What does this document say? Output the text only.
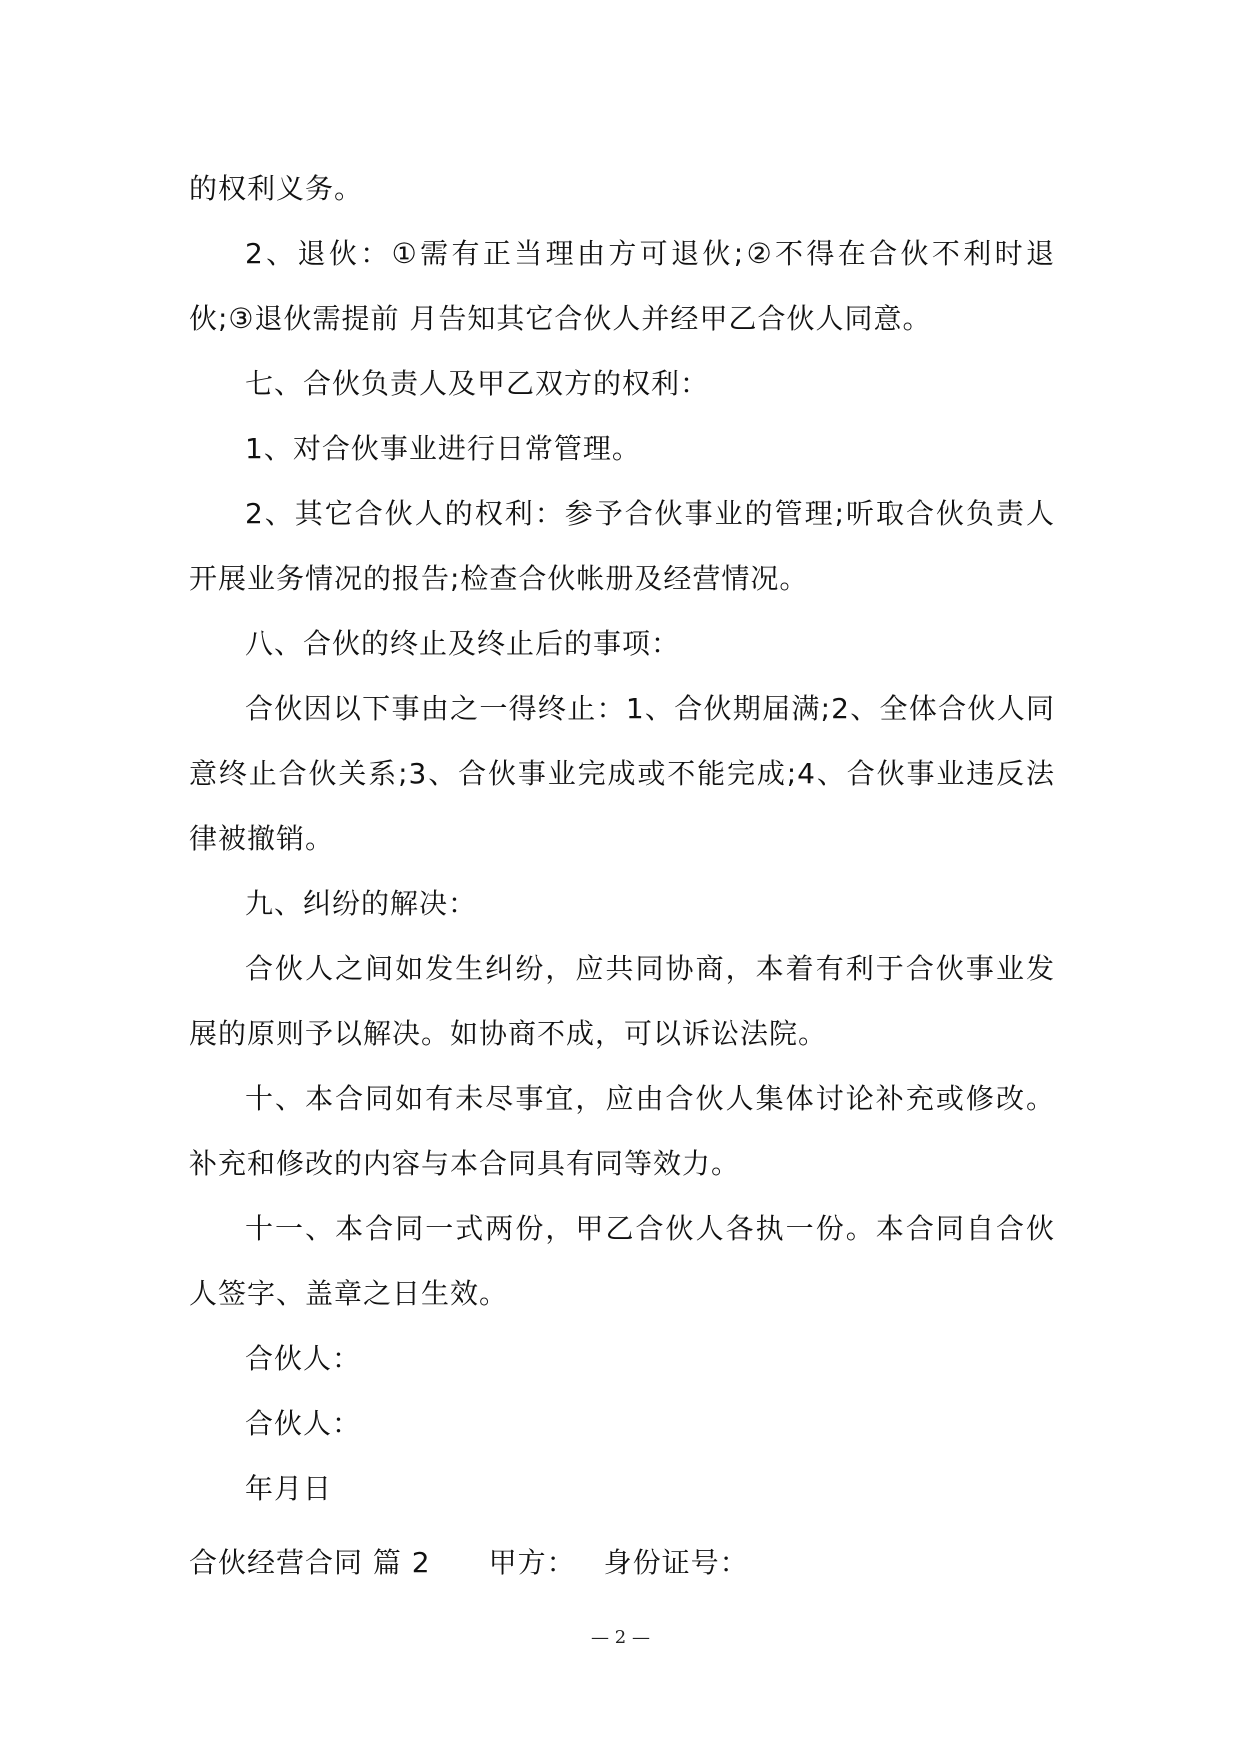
的权利义务。

2、退伙：①需有正当理由方可退伙;②不得在合伙不利时退伙;③退伙需提前 月告知其它合伙人并经甲乙合伙人同意。

七、合伙负责人及甲乙双方的权利：

1、对合伙事业进行日常管理。

2、其它合伙人的权利：参予合伙事业的管理;听取合伙负责人开展业务情况的报告;检查合伙帐册及经营情况。

八、合伙的终止及终止后的事项：

合伙因以下事由之一得终止：1、合伙期届满;2、全体合伙人同意终止合伙关系;3、合伙事业完成或不能完成;4、合伙事业违反法律被撤销。

九、纠纷的解决：

合伙人之间如发生纠纷，应共同协商，本着有利于合伙事业发展的原则予以解决。如协商不成，可以诉讼法院。

十、本合同如有未尽事宜，应由合伙人集体讨论补充或修改。补充和修改的内容与本合同具有同等效力。

十一、本合同一式两份，甲乙合伙人各执一份。本合同自合伙人签字、盖章之日生效。

合伙人：

合伙人：

年月日

合伙经营合同 篇 2 甲方： 身份证号：
— 2 —
